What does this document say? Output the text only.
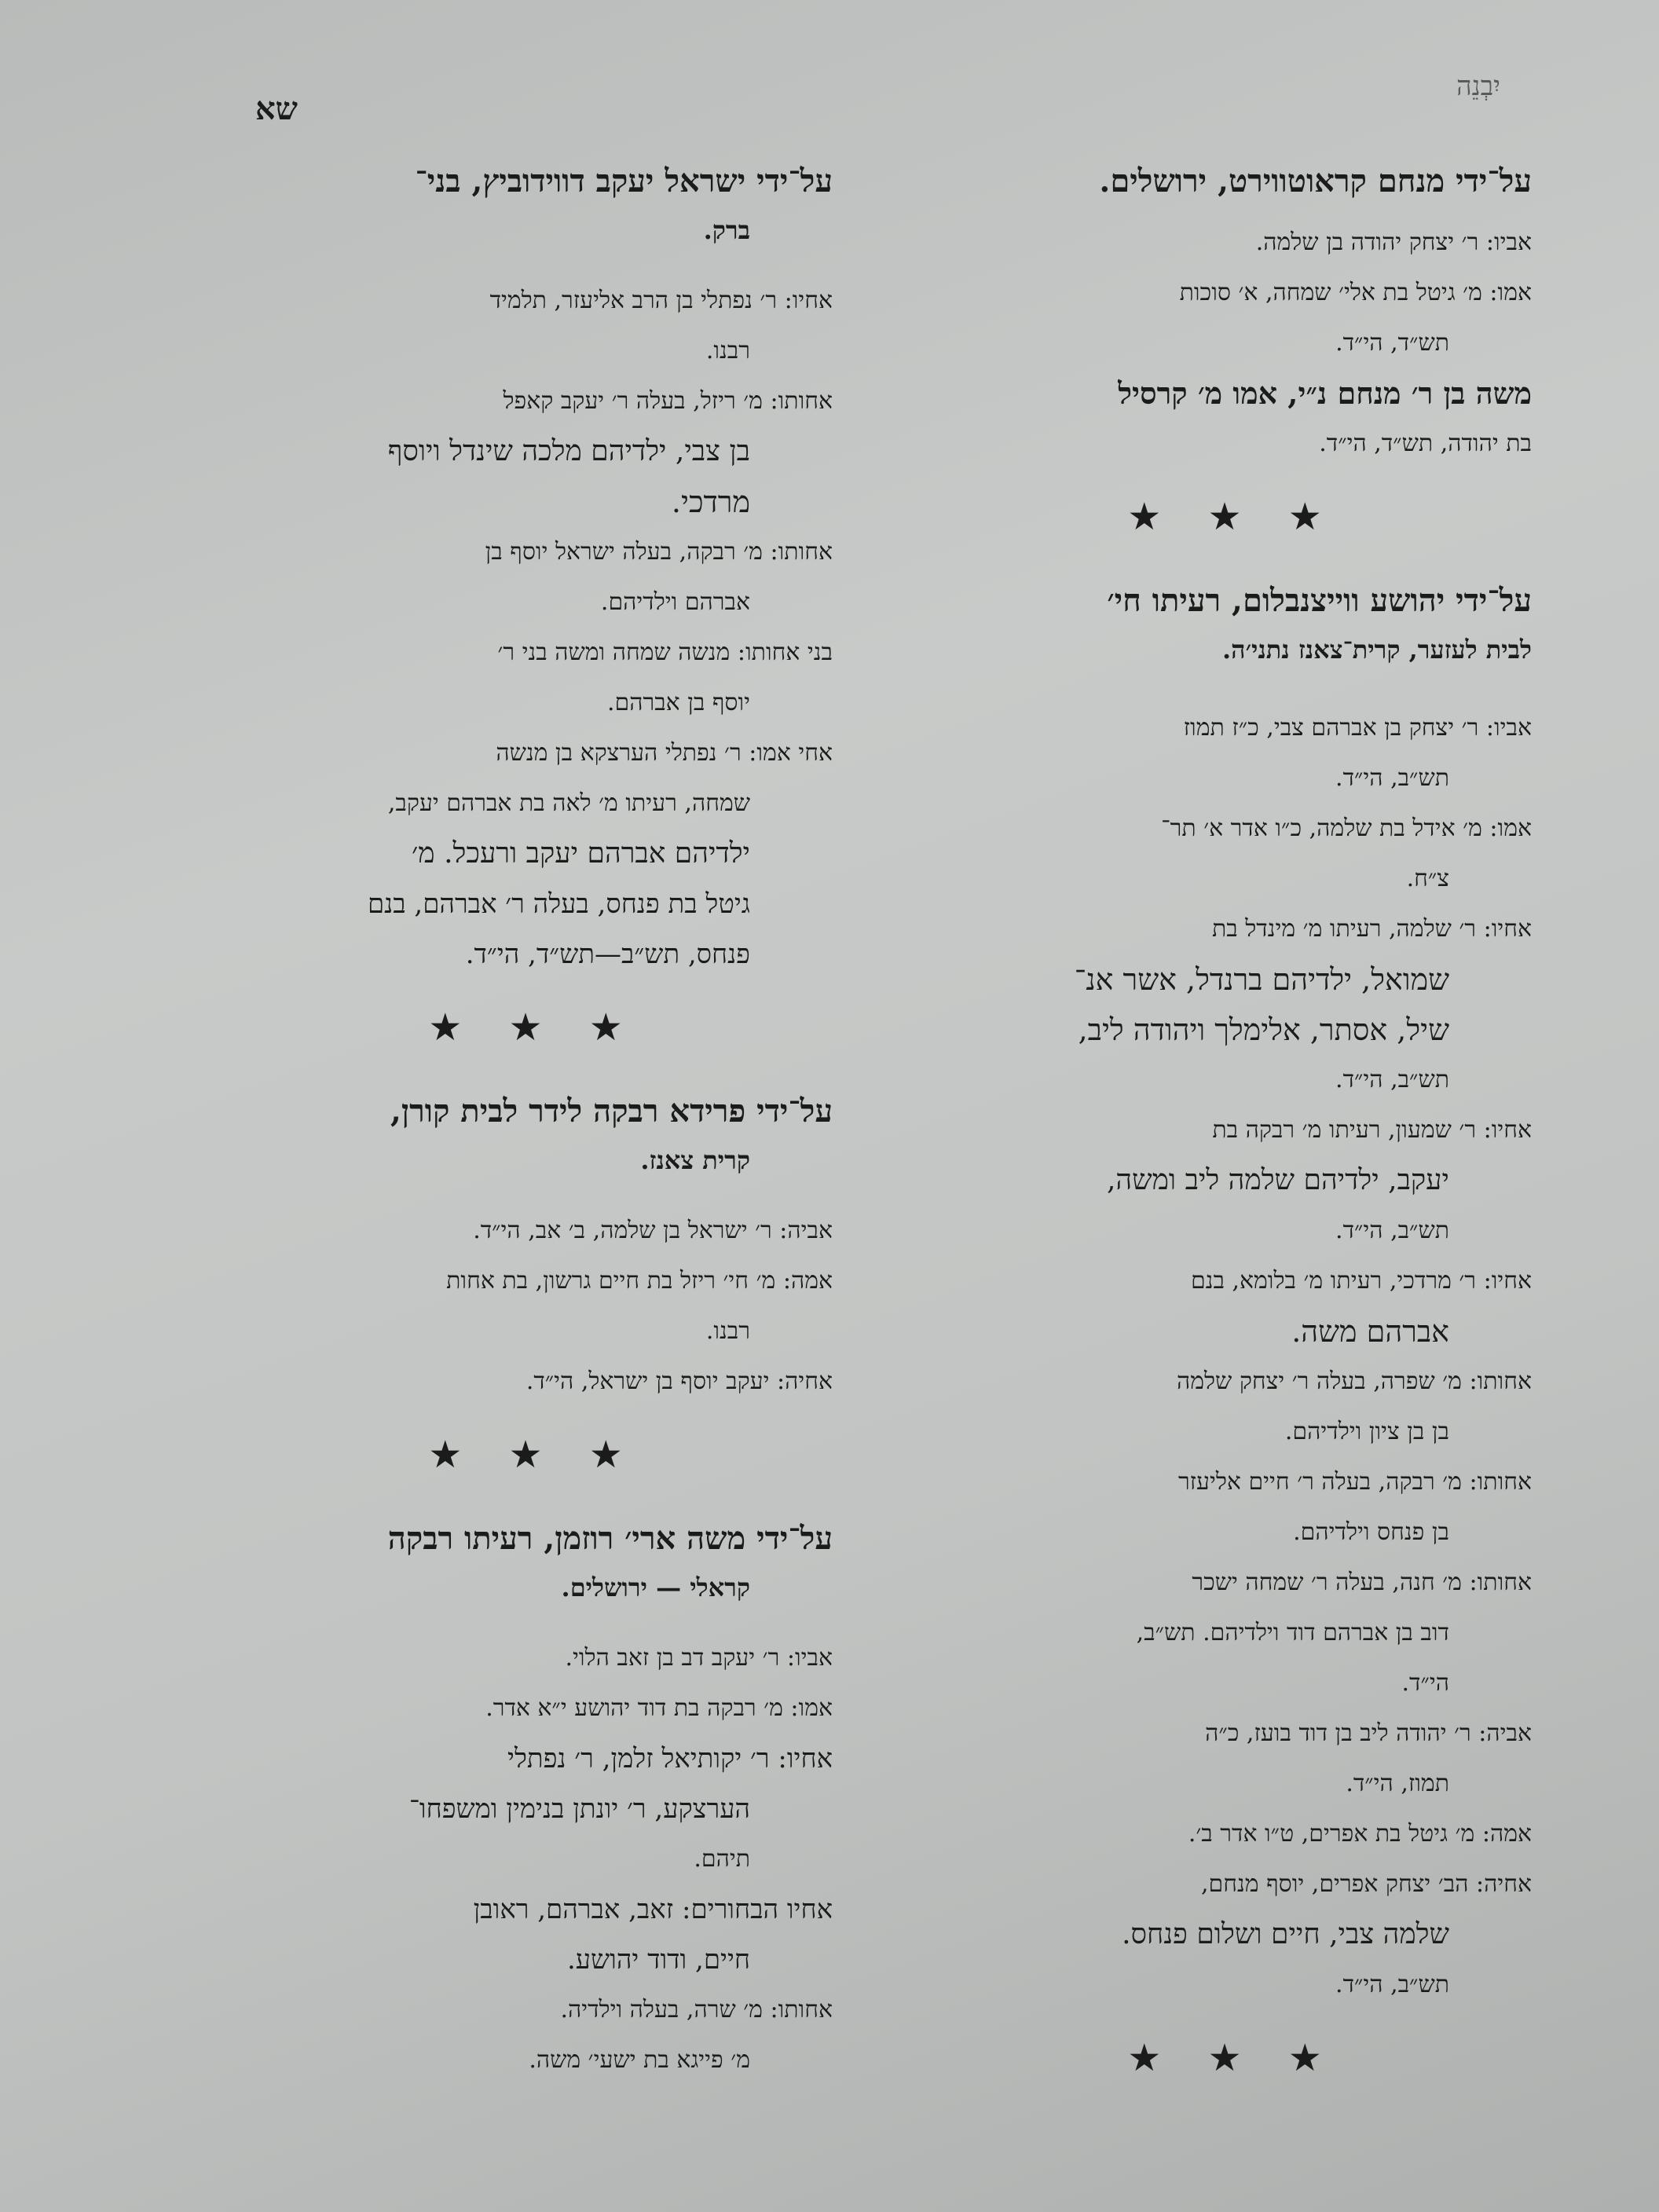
שא
יִבְנֵה
על־ידי מנחם קראוטווירט, ירושלים.
אביו: ר׳ יצחק יהודה בן שלמה.
אמו: מ׳ גיטל בת אלי׳ שמחה, א׳ סוכות
תש״ד, הי״ד.
משה בן ר׳ מנחם נ״י, אמו מ׳ קרסיל
בת יהודה, תש״ד, הי״ד.
★ ★ ★
על־ידי יהושע ווייצנבלום, רעיתו חי׳
לבית לעזער, קרית־צאנז נתני׳ה.
אביו: ר׳ יצחק בן אברהם צבי, כ״ז תמוז
תש״ב, הי״ד.
אמו: מ׳ אידל בת שלמה, כ״ו אדר א׳ תר־
צ״ח.
אחיו: ר׳ שלמה, רעיתו מ׳ מינדל בת
שמואל, ילדיהם ברנדל, אשר אנ־
שיל, אסתר, אלימלך ויהודה ליב,
תש״ב, הי״ד.
אחיו: ר׳ שמעון, רעיתו מ׳ רבקה בת
יעקב, ילדיהם שלמה ליב ומשה,
תש״ב, הי״ד.
אחיו: ר׳ מרדכי, רעיתו מ׳ בלומא, בנם
אברהם משה.
אחותו: מ׳ שפרה, בעלה ר׳ יצחק שלמה
בן בן ציון וילדיהם.
אחותו: מ׳ רבקה, בעלה ר׳ חיים אליעזר
בן פנחס וילדיהם.
אחותו: מ׳ חנה, בעלה ר׳ שמחה ישכר
דוב בן אברהם דוד וילדיהם. תש״ב,
הי״ד.
אביה: ר׳ יהודה ליב בן דוד בועז, כ״ה
תמוז, הי״ד.
אמה: מ׳ גיטל בת אפרים, ט״ו אדר ב׳.
אחיה: הב׳ יצחק אפרים, יוסף מנחם,
שלמה צבי, חיים ושלום פנחס.
תש״ב, הי״ד.
★ ★ ★
על־ידי ישראל יעקב דווידוביץ, בני־
ברק.
אחיו: ר׳ נפתלי בן הרב אליעזר, תלמיד
רבנו.
אחותו: מ׳ ריזל, בעלה ר׳ יעקב קאפל
בן צבי, ילדיהם מלכה שינדל ויוסף
מרדכי.
אחותו: מ׳ רבקה, בעלה ישראל יוסף בן
אברהם וילדיהם.
בני אחותו: מנשה שמחה ומשה בני ר׳
יוסף בן אברהם.
אחי אמו: ר׳ נפתלי הערצקא בן מנשה
שמחה, רעיתו מ׳ לאה בת אברהם יעקב,
ילדיהם אברהם יעקב ורעכל. מ׳
גיטל בת פנחס, בעלה ר׳ אברהם, בנם
פנחס, תש״ב—תש״ד, הי״ד.
★ ★ ★
על־ידי פרידא רבקה לידר לבית קורן,
קרית צאנז.
אביה: ר׳ ישראל בן שלמה, ב׳ אב, הי״ד.
אמה: מ׳ חי׳ ריזל בת חיים גרשון, בת אחות
רבנו.
אחיה: יעקב יוסף בן ישראל, הי״ד.
★ ★ ★
על־ידי משה ארי׳ רוזמן, רעיתו רבקה
קראלי — ירושלים.
אביו: ר׳ יעקב דב בן זאב הלוי.
אמו: מ׳ רבקה בת דוד יהושע י״א אדר.
אחיו: ר׳ יקותיאל זלמן, ר׳ נפתלי
הערצקע, ר׳ יונתן בנימין ומשפחו־
תיהם.
אחיו הבחורים: זאב, אברהם, ראובן
חיים, ודוד יהושע.
אחותו: מ׳ שרה, בעלה וילדיה.
מ׳ פייגא בת ישעי׳ משה.
